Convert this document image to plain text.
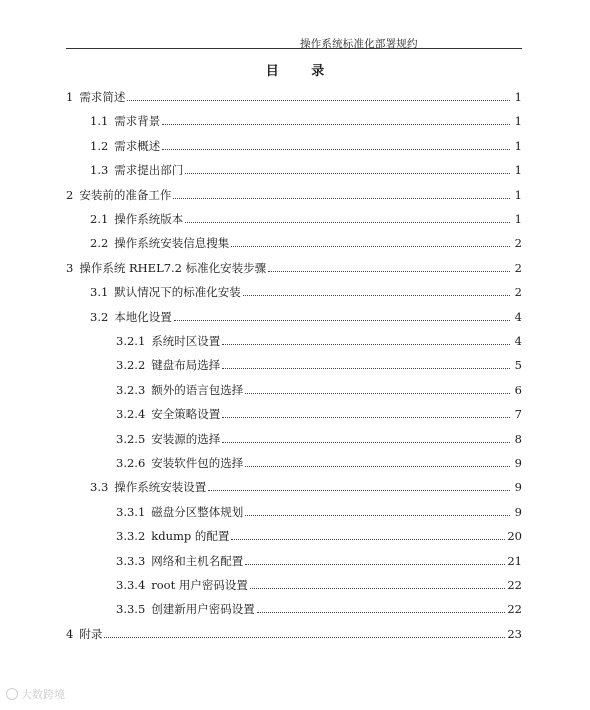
操作系统标准化部署规约
目 录
1 需求简述	1
1.1 需求背景	1
1.2 需求概述	1
1.3 需求提出部门	1
2 安装前的准备工作	1
2.1 操作系统版本	1
2.2 操作系统安装信息搜集	2
3 操作系统 RHEL7.2 标准化安装步骤	2
3.1 默认情况下的标准化安装	2
3.2 本地化设置	4
3.2.1 系统时区设置	4
3.2.2 键盘布局选择	5
3.2.3 额外的语言包选择	6
3.2.4 安全策略设置	7
3.2.5 安装源的选择	8
3.2.6 安装软件包的选择	9
3.3 操作系统安装设置	9
3.3.1 磁盘分区整体规划	9
3.3.2 kdump 的配置	20
3.3.3 网络和主机名配置	21
3.3.4 root 用户密码设置	22
3.3.5 创建新用户密码设置	22
4 附录	23
大数跨境
